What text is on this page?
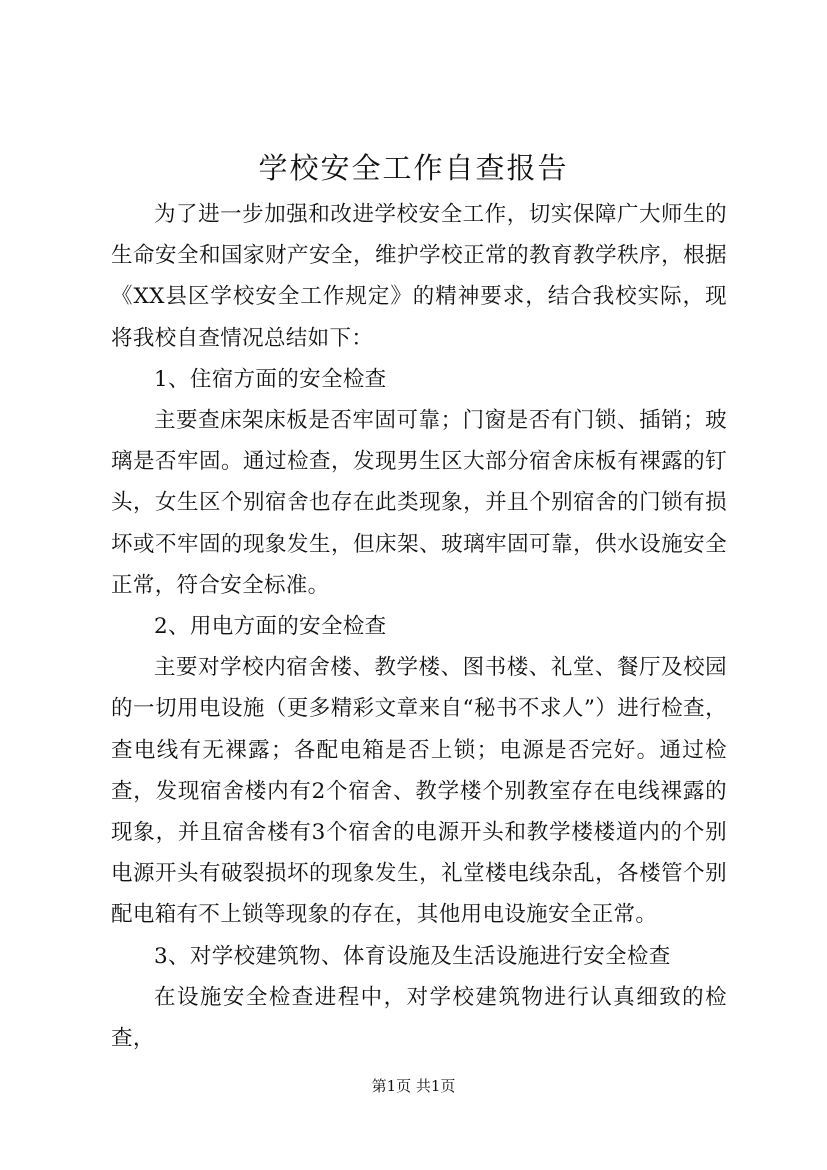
学校安全工作自查报告

为了进一步加强和改进学校安全工作，切实保障广大师生的生命安全和国家财产安全，维护学校正常的教育教学秩序，根据《XX县区学校安全工作规定》的精神要求，结合我校实际，现将我校自查情况总结如下：

1、住宿方面的安全检查

主要查床架床板是否牢固可靠；门窗是否有门锁、插销；玻璃是否牢固。通过检查，发现男生区大部分宿舍床板有裸露的钉头，女生区个别宿舍也存在此类现象，并且个别宿舍的门锁有损坏或不牢固的现象发生，但床架、玻璃牢固可靠，供水设施安全正常，符合安全标准。

2、用电方面的安全检查

主要对学校内宿舍楼、教学楼、图书楼、礼堂、餐厅及校园的一切用电设施（更多精彩文章来自“秘书不求人”）进行检查，查电线有无裸露；各配电箱是否上锁；电源是否完好。通过检查，发现宿舍楼内有2个宿舍、教学楼个别教室存在电线裸露的现象，并且宿舍楼有3个宿舍的电源开头和教学楼楼道内的个别电源开头有破裂损坏的现象发生，礼堂楼电线杂乱，各楼管个别配电箱有不上锁等现象的存在，其他用电设施安全正常。

3、对学校建筑物、体育设施及生活设施进行安全检查

在设施安全检查进程中，对学校建筑物进行认真细致的检查，

第1页 共1页
